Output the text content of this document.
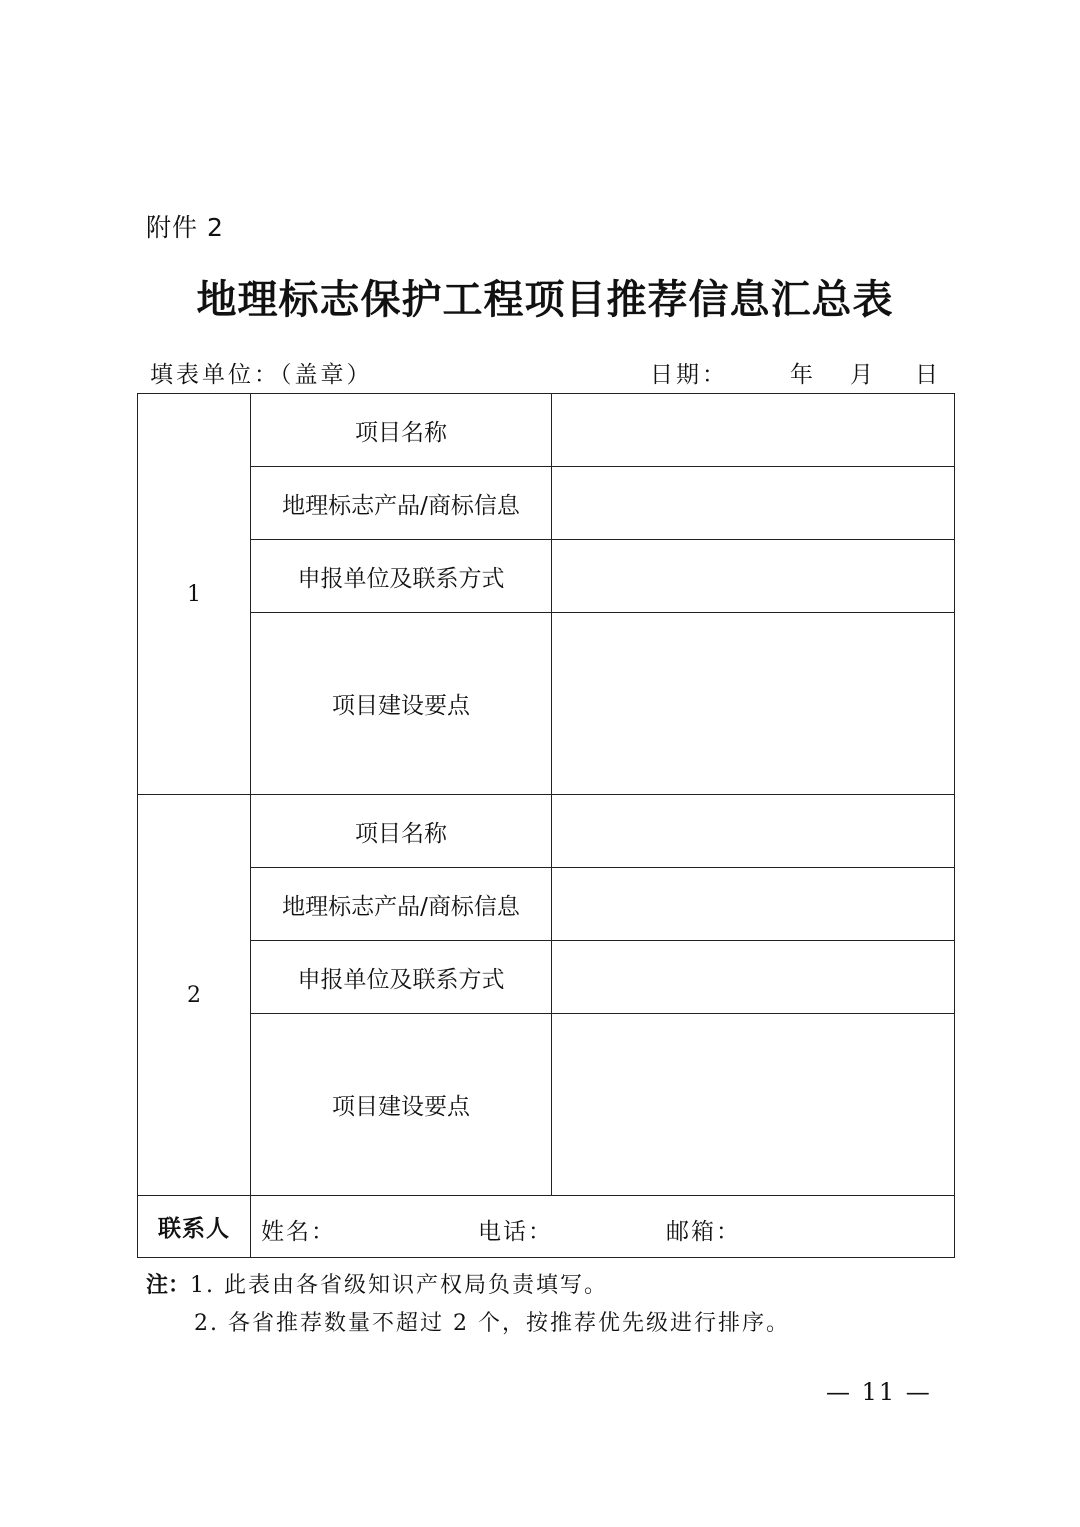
附件 2
地理标志保护工程项目推荐信息汇总表
填表单位：（盖章）	日期：	年 月 日
1	项目名称	
	地理标志产品/商标信息	
	申报单位及联系方式	
	项目建设要点	
2	项目名称	
	地理标志产品/商标信息	
	申报单位及联系方式	
	项目建设要点	
联系人	姓名： 电话： 邮箱：	
注：1. 此表由各省级知识产权局负责填写。
2. 各省推荐数量不超过 2 个，按推荐优先级进行排序。
— 11 —
